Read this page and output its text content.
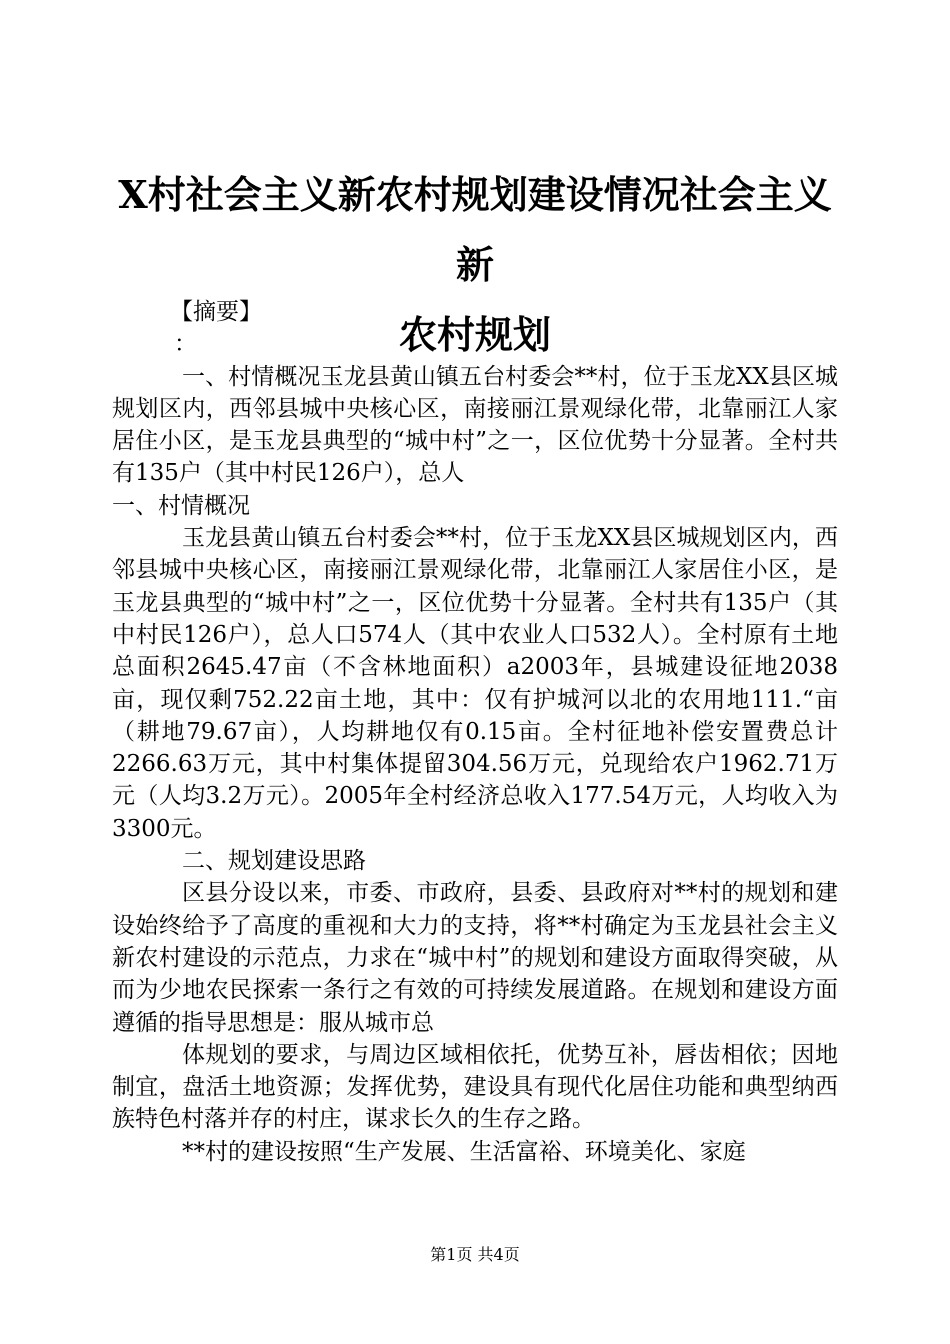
X村社会主义新农村规划建设情况社会主义新
农村规划

【摘要】

：

一、村情概况玉龙县黄山镇五台村委会**村，位于玉龙XX县区城规划区内，西邻县城中央核心区，南接丽江景观绿化带，北靠丽江人家居住小区，是玉龙县典型的“城中村”之一，区位优势十分显著。全村共有135户（其中村民126户），总人

一、村情概况

玉龙县黄山镇五台村委会**村，位于玉龙XX县区城规划区内，西邻县城中央核心区，南接丽江景观绿化带，北靠丽江人家居住小区，是玉龙县典型的“城中村”之一，区位优势十分显著。全村共有135户（其中村民126户），总人口574人（其中农业人口532人）。全村原有土地总面积2645.47亩（不含林地面积）a2003年，县城建设征地2038亩，现仅剩752.22亩土地，其中：仅有护城河以北的农用地111.“亩（耕地79.67亩），人均耕地仅有0.15亩。全村征地补偿安置费总计2266.63万元，其中村集体提留304.56万元，兑现给农户1962.71万元（人均3.2万元）。2005年全村经济总收入177.54万元，人均收入为3300元。

二、规划建设思路

区县分设以来，市委、市政府，县委、县政府对**村的规划和建设始终给予了高度的重视和大力的支持，将**村确定为玉龙县社会主义新农村建设的示范点，力求在“城中村”的规划和建设方面取得突破，从而为少地农民探索一条行之有效的可持续发展道路。在规划和建设方面遵循的指导思想是：服从城市总

体规划的要求，与周边区域相依托，优势互补，唇齿相依；因地制宜，盘活土地资源；发挥优势，建设具有现代化居住功能和典型纳西族特色村落并存的村庄，谋求长久的生存之路。

**村的建设按照“生产发展、生活富裕、环境美化、家庭

第1页 共4页
